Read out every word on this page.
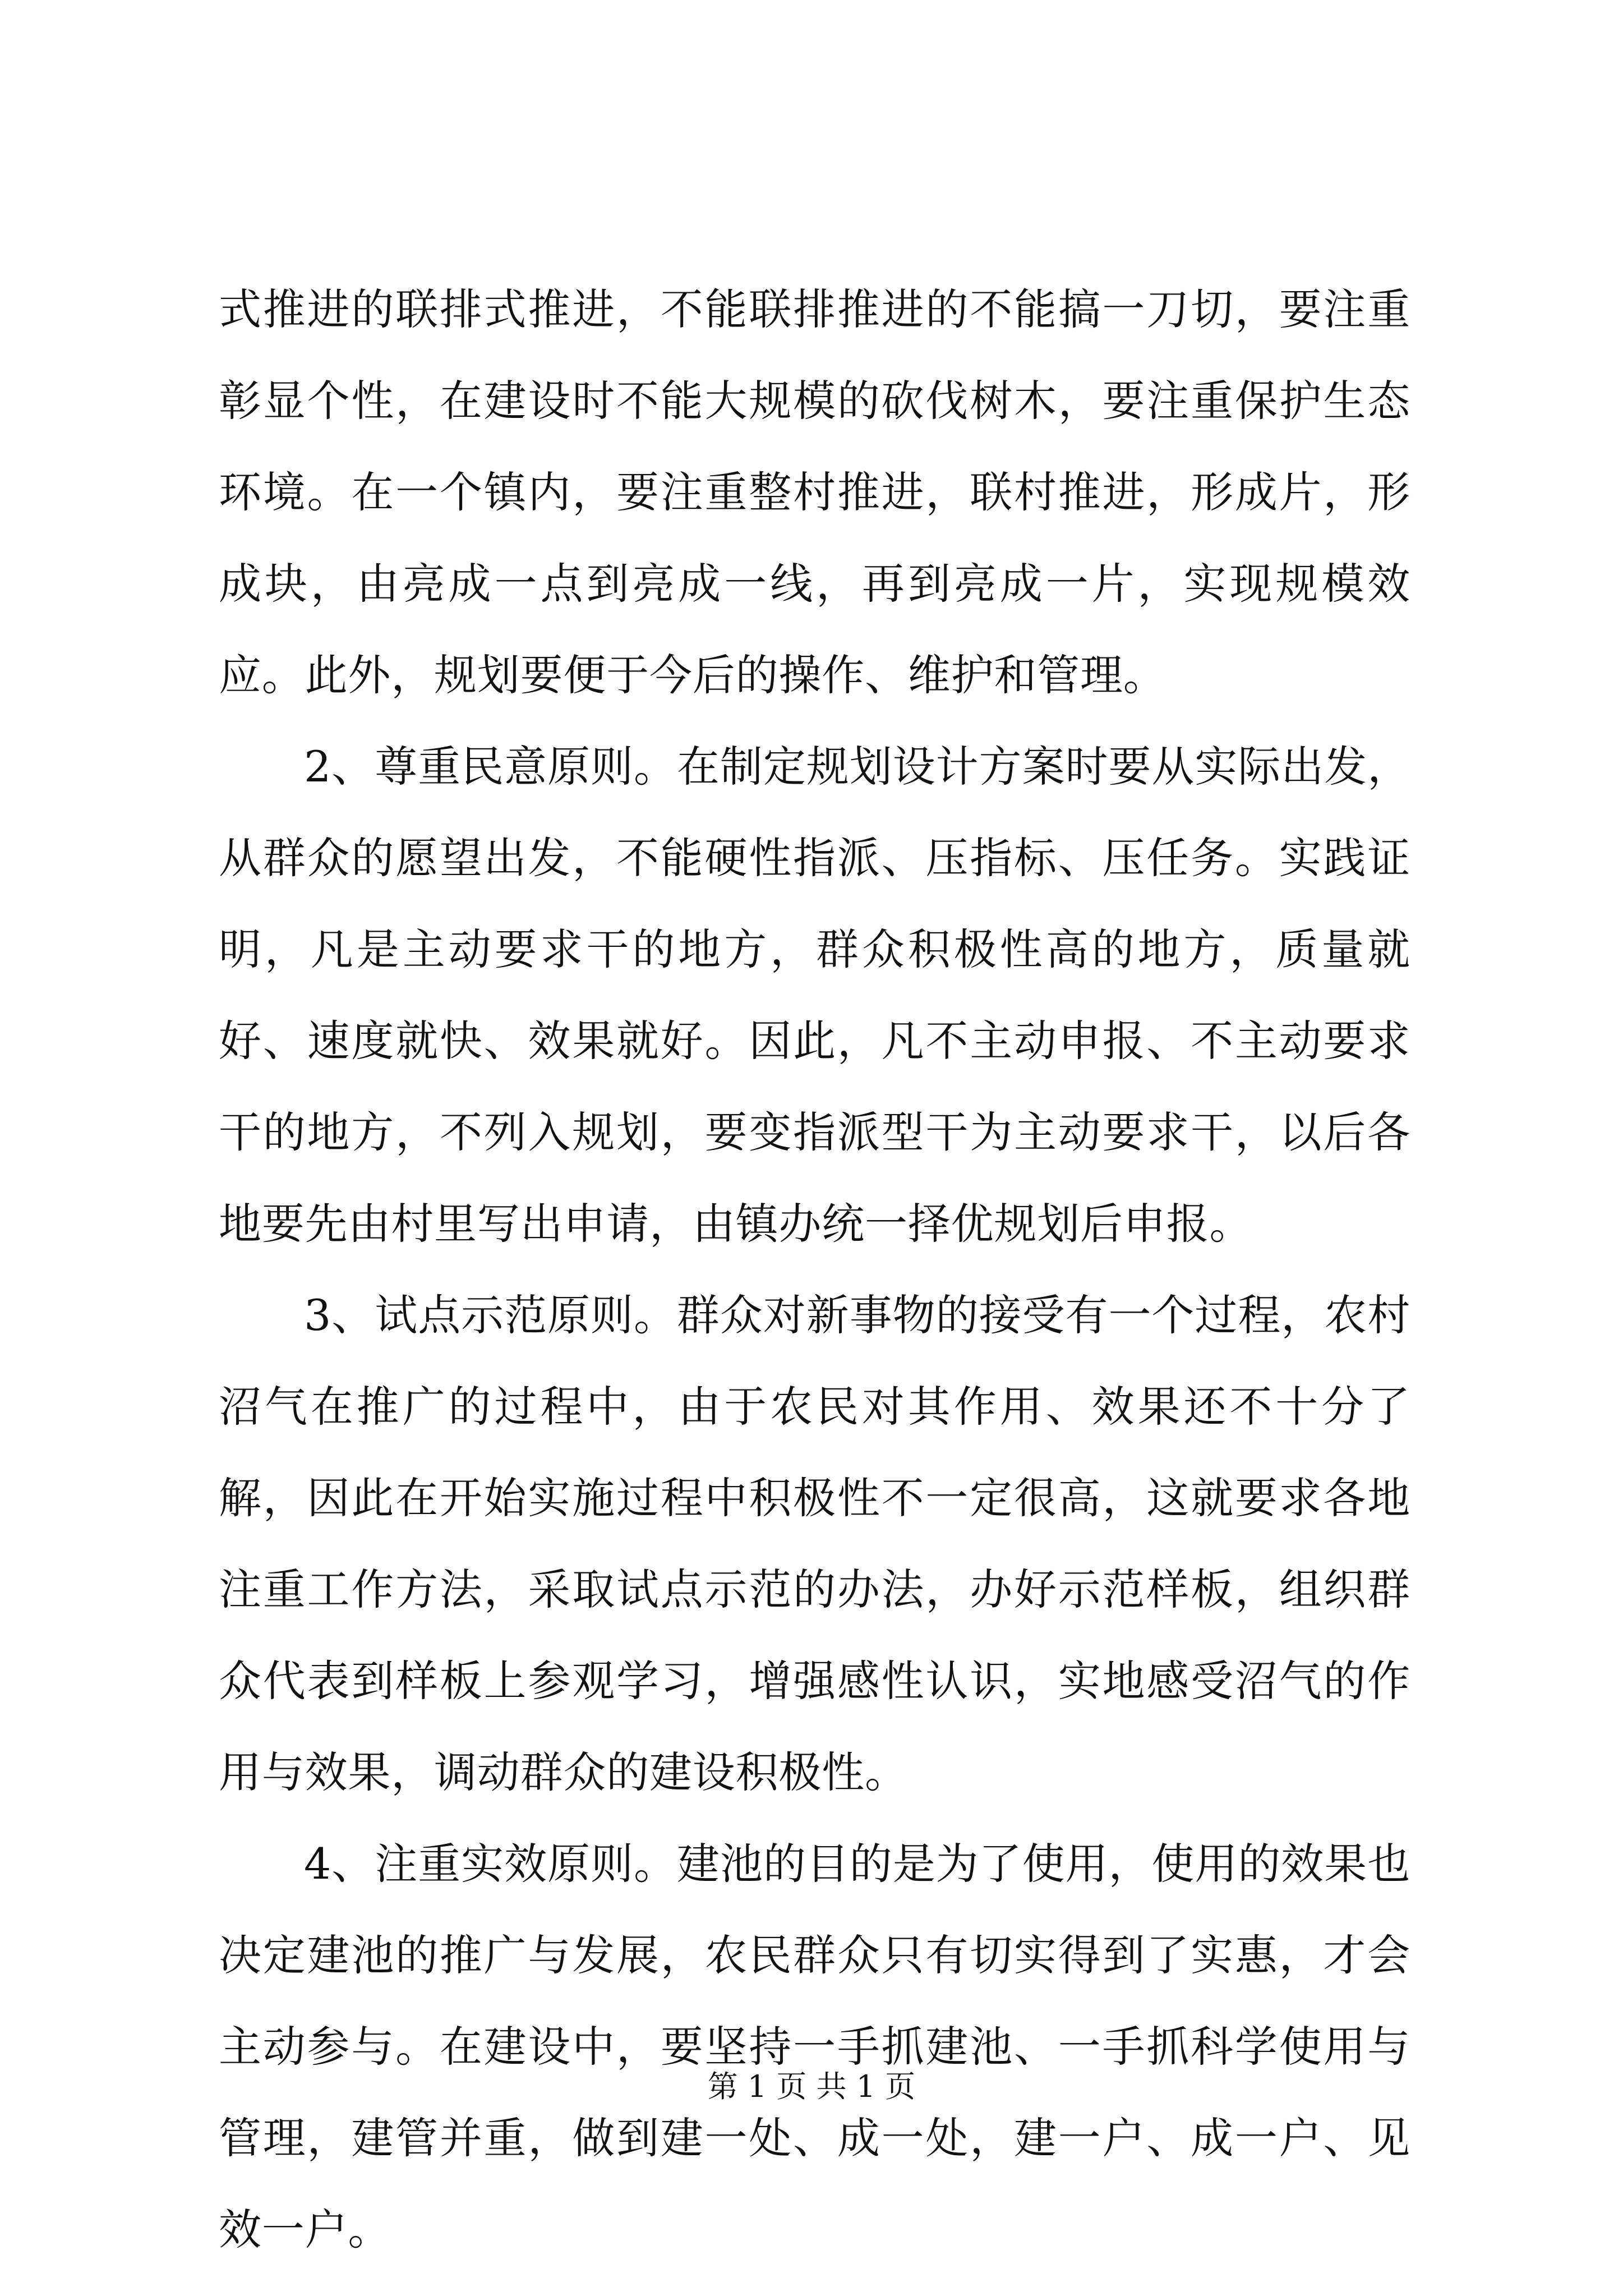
式推进的联排式推进，不能联排推进的不能搞一刀切，要注重彰显个性，在建设时不能大规模的砍伐树木，要注重保护生态环境。在一个镇内，要注重整村推进，联村推进，形成片，形成块，由亮成一点到亮成一线，再到亮成一片，实现规模效应。此外，规划要便于今后的操作、维护和管理。

2、尊重民意原则。在制定规划设计方案时要从实际出发，从群众的愿望出发，不能硬性指派、压指标、压任务。实践证明，凡是主动要求干的地方，群众积极性高的地方，质量就好、速度就快、效果就好。因此，凡不主动申报、不主动要求干的地方，不列入规划，要变指派型干为主动要求干，以后各地要先由村里写出申请，由镇办统一择优规划后申报。

3、试点示范原则。群众对新事物的接受有一个过程，农村沼气在推广的过程中，由于农民对其作用、效果还不十分了解，因此在开始实施过程中积极性不一定很高，这就要求各地注重工作方法，采取试点示范的办法，办好示范样板，组织群众代表到样板上参观学习，增强感性认识，实地感受沼气的作用与效果，调动群众的建设积极性。

4、注重实效原则。建池的目的是为了使用，使用的效果也决定建池的推广与发展，农民群众只有切实得到了实惠，才会主动参与。在建设中，要坚持一手抓建池、一手抓科学使用与管理，建管并重，做到建一处、成一处，建一户、成一户、见效一户。

第 1 页 共 1 页
